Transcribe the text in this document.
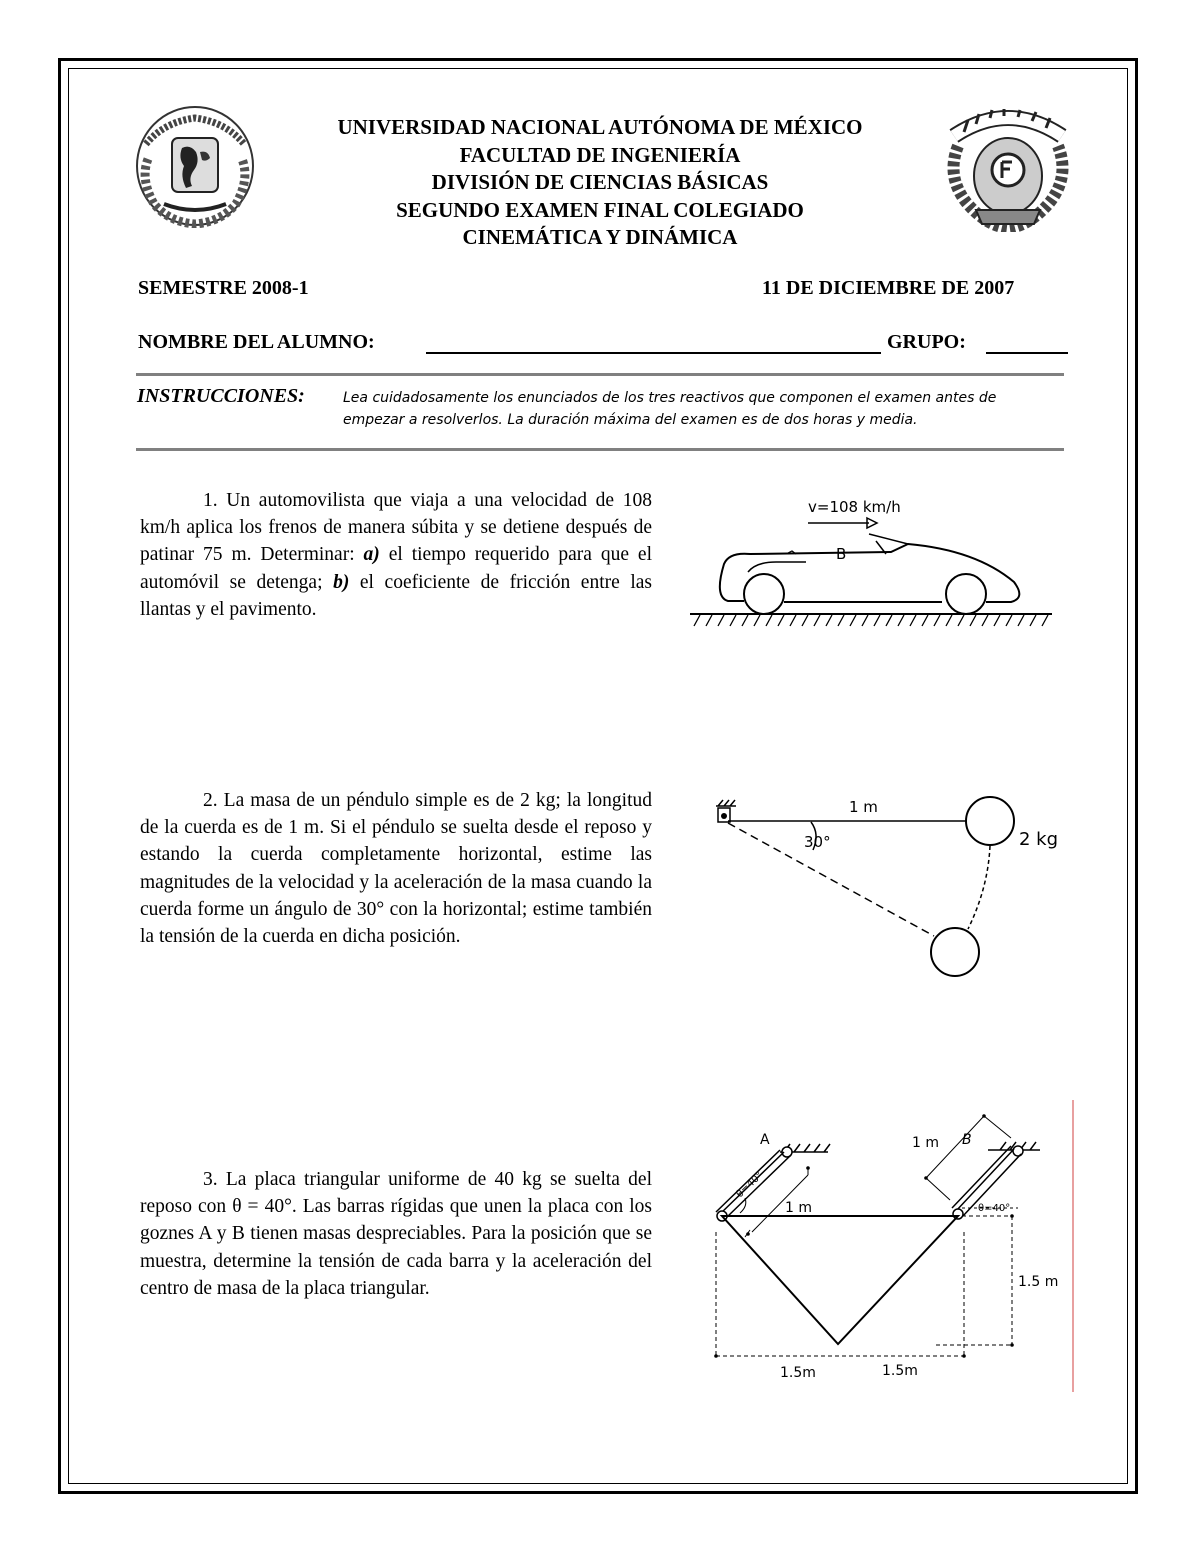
UNIVERSIDAD NACIONAL AUTÓNOMA DE MÉXICO
FACULTAD DE INGENIERÍA
DIVISIÓN DE CIENCIAS BÁSICAS
SEGUNDO EXAMEN FINAL COLEGIADO
CINEMÁTICA Y DINÁMICA
SEMESTRE 2008-1	11 DE DICIEMBRE DE 2007
NOMBRE DEL ALUMNO:	GRUPO:
INSTRUCCIONES:	Lea cuidadosamente los enunciados de los tres reactivos que componen el examen antes de
empezar a resolverlos. La duración máxima del examen es de dos horas y media.

1. Un automovilista que viaja a una velocidad de 108 km/h aplica los frenos de manera súbita y se detiene después de patinar 75 m. Determinar: a) el tiempo requerido para que el automóvil se detenga; b) el coeficiente de fricción entre las llantas y el pavimento.

v=108 km/h
B

2. La masa de un péndulo simple es de 2 kg; la longitud de la cuerda es de 1 m. Si el péndulo se suelta desde el reposo y estando la cuerda completamente horizontal, estime las magnitudes de la velocidad y la aceleración de la masa cuando la cuerda forme un ángulo de 30° con la horizontal; estime también la tensión de la cuerda en dicha posición.

1 m
2 kg
30°

3. La placa triangular uniforme de 40 kg se suelta del reposo con θ = 40°. Las barras rígidas que unen la placa con los goznes A y B tienen masas despreciables. Para la posición que se muestra, determine la tensión de cada barra y la aceleración del centro de masa de la placa triangular.

A
θ=40°
B
1 m
θ=40°
1 m
1.5m	1.5m
1.5 m
